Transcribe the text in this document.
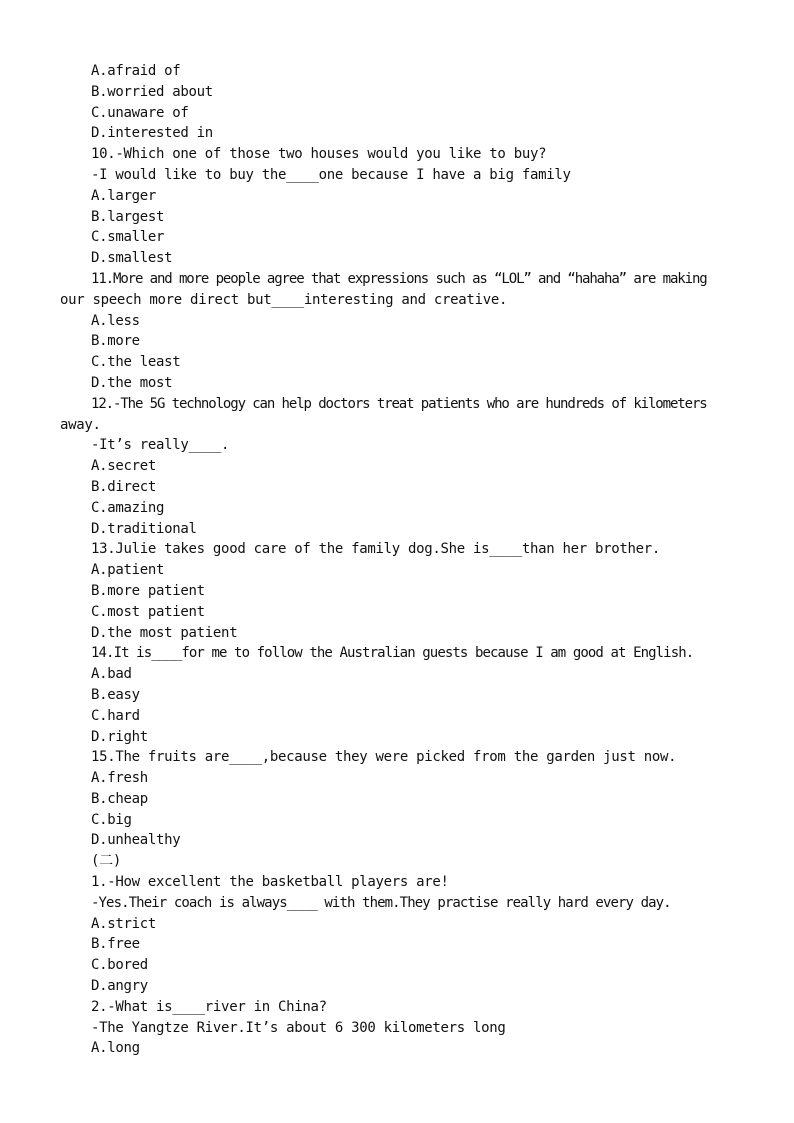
A.afraid of
B.worried about
C.unaware of
D.interested in
10.-Which one of those two houses would you like to buy?
-I would like to buy the____one because I have a big family
A.larger
B.largest
C.smaller
D.smallest
11.More and more people agree that expressions such as “LOL” and “hahaha” are making
our speech more direct but____interesting and creative.
A.less
B.more
C.the least
D.the most
12.-The 5G technology can help doctors treat patients who are hundreds of kilometers
away.
-It’s really____.
A.secret
B.direct
C.amazing
D.traditional
13.Julie takes good care of the family dog.She is____than her brother.
A.patient
B.more patient
C.most patient
D.the most patient
14.It is____for me to follow the Australian guests because I am good at English.
A.bad
B.easy
C.hard
D.right
15.The fruits are____,because they were picked from the garden just now.
A.fresh
B.cheap
C.big
D.unhealthy
(二)
1.-How excellent the basketball players are!
-Yes.Their coach is always____ with them.They practise really hard every day.
A.strict
B.free
C.bored
D.angry
2.-What is____river in China?
-The Yangtze River.It’s about 6 300 kilometers long
A.long
